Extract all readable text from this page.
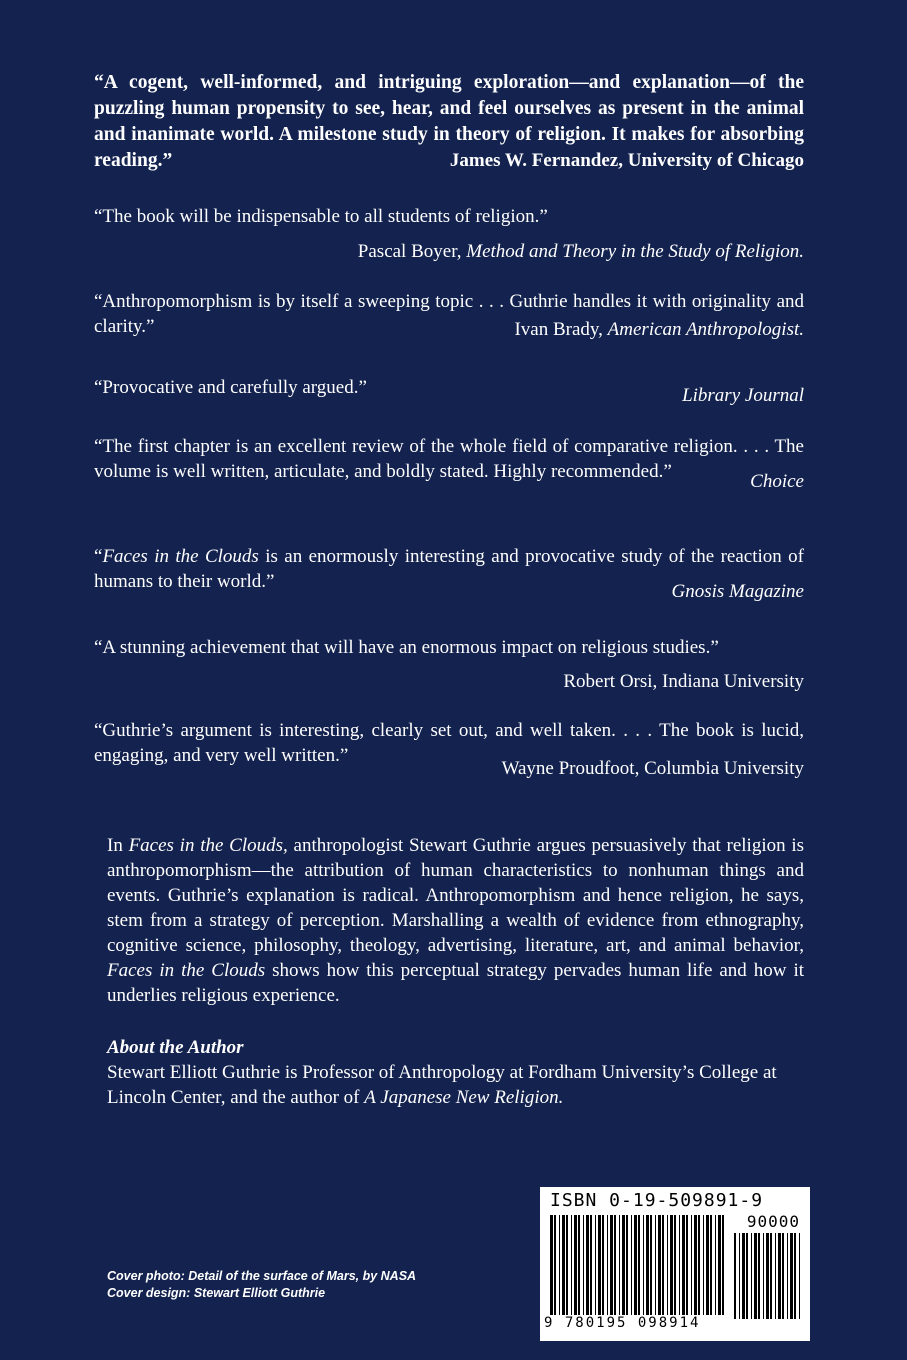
“A cogent, well-informed, and intriguing exploration—and explanation—of the puzzling human propensity to see, hear, and feel ourselves as present in the animal and inanimate world. A milestone study in theory of religion. It makes for absorbing reading.”	James W. Fernandez, University of Chicago
“The book will be indispensable to all students of religion.”
Pascal Boyer, Method and Theory in the Study of Religion.
“Anthropomorphism is by itself a sweeping topic . . . Guthrie handles it with originality and clarity.”	Ivan Brady, American Anthropologist.
“Provocative and carefully argued.”	Library Journal
“The first chapter is an excellent review of the whole field of comparative religion. . . . The volume is well written, articulate, and boldly stated. Highly recommended.”	Choice
“Faces in the Clouds is an enormously interesting and provocative study of the reaction of humans to their world.”	Gnosis Magazine
“A stunning achievement that will have an enormous impact on religious studies.”
Robert Orsi, Indiana University
“Guthrie’s argument is interesting, clearly set out, and well taken. . . . The book is lucid, engaging, and very well written.”
Wayne Proudfoot, Columbia University
In Faces in the Clouds, anthropologist Stewart Guthrie argues persuasively that religion is anthropomorphism—the attribution of human characteristics to nonhuman things and events. Guthrie’s explanation is radical. Anthropomorphism and hence religion, he says, stem from a strategy of perception. Marshalling a wealth of evidence from ethnography, cognitive science, philosophy, theology, advertising, literature, art, and animal behavior, Faces in the Clouds shows how this perceptual strategy pervades human life and how it underlies religious experience.
About the Author
Stewart Elliott Guthrie is Professor of Anthropology at Fordham University’s College at Lincoln Center, and the author of A Japanese New Religion.
Cover photo: Detail of the surface of Mars, by NASA
Cover design: Stewart Elliott Guthrie
ISBN 0-19-509891-9
90000
9 780195 098914
